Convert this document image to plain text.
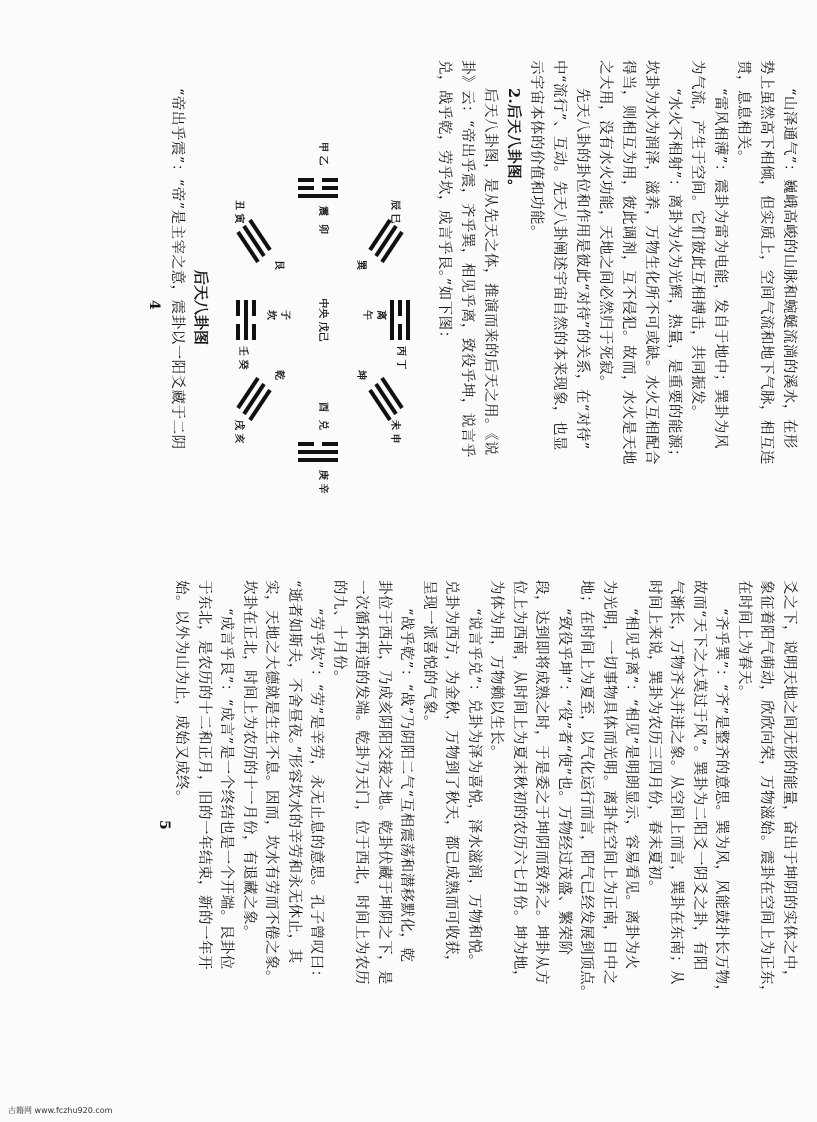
“山泽通气”：巍峨高峻的山脉和蜿蜒流淌的溪水，在形
势上虽然高下相倾，但实质上，空间气流和地下气脉，相互连
贯，息息相关。
“雷风相薄”：震卦为雷为电能，发自于地中；巽卦为风
为气流，产生于空间。它们彼此互相搏击，共同振发。
“水火不相射”：离卦为火为光辉，热量，是重要的能源；
坎卦为水为润泽，滋养，万物生化所不可或缺。水火互相配合
得当，则相互为用，彼此调剂，互不侵犯。故而，水火是天地
之大用，没有水火功能，天地之间必然归于死寂。
先天八卦的卦位和作用是彼此“对待”的关系，在“对待”
中“流行”、互动。先天八卦阐述宇宙自然的本来现象，也显
示宇宙本体的价值和功能。
2.后天八卦图。
后天八卦图，是从先天之体，推演而来的后天之用。《说
卦》云：“帝出乎震，齐乎巽，相见乎离，致役乎坤，说言乎
兑，战乎乾，劳乎坎，成言乎艮。”如下图：
离
午
丙 丁
坎 子
壬 癸
震
卯
甲 乙
兑
酉
庚 辛
巽
辰 巳
坤
未 申
乾
戌 亥
艮
丑 寅
中央 戊己
后天八卦图
“帝出乎震”：“帝”是主宰之意，震卦以一阳爻藏于二阴
4
爻之下，说明天地之间无形的能量，奋出于坤阴的实体之中，
象征着阳气萌动，欣欣向荣，万物滋始。震卦在空间上为正东，
在时间上为春天。
“齐乎巽”：“齐”是整齐的意思。巽为风，风能鼓扑长万物，
故而“天下之大莫过于风”。巽卦为二阳爻一阴爻之卦，有阳
气渐长，万物齐头并进之象。从空间上而言，巽卦在东南；从
时间上来说，巽卦为农历三四月份，春末夏初。
“相见乎离”：“相见”是明朗显示，容易看见。离卦为火
为光明，一切事物具体而光明。离卦在空间上为正南，日中之
地；在时间上为夏至，以气化运行而言，阳气已经发展到顶点。
“致役乎坤”：“役”者“使”也。万物经过茂盛、繁荣阶
段，达到即将成熟之时，于是委之于坤阴而致养之。坤卦从方
位上为西南，从时间上为夏末秋初的农历六七月份。坤为地，
为体为用，万物赖以生长。
“说言乎兑”：兑卦为泽为喜悦，泽水滋润，万物和悦。
兑卦为西方，为金秋，万物到了秋天，都已成熟而可收获，
呈现一派喜悦的气象。
“战乎乾”：“战”乃阴阳二气“互相震荡和潜移默化，乾
卦位于西北，乃成亥阴阳交接之地。乾卦伏藏于坤阴之下，是
一次循环再造的发端。乾卦乃天门，位于西北，时间上为农历
的九、十月份。
“劳乎坎”：“劳”是辛劳，永无止息的意思。孔子曾叹曰：
“逝者如斯夫，不舍昼夜。”形容坎水的辛劳和永无休止，其
实，天地之大德就是生生不息。因而，坎水有劳而不倦之象。
坎卦在正北，时间上为农历的十一月份，有退藏之象。
“成言乎艮”：“成言”是一个终结也是一个开端。艮卦位
于东北，是农历的十二和正月，旧的一年结束，新的一年开
始。以外为山为止，成始又成终。
5
古籍网 www.fczhu920.com
